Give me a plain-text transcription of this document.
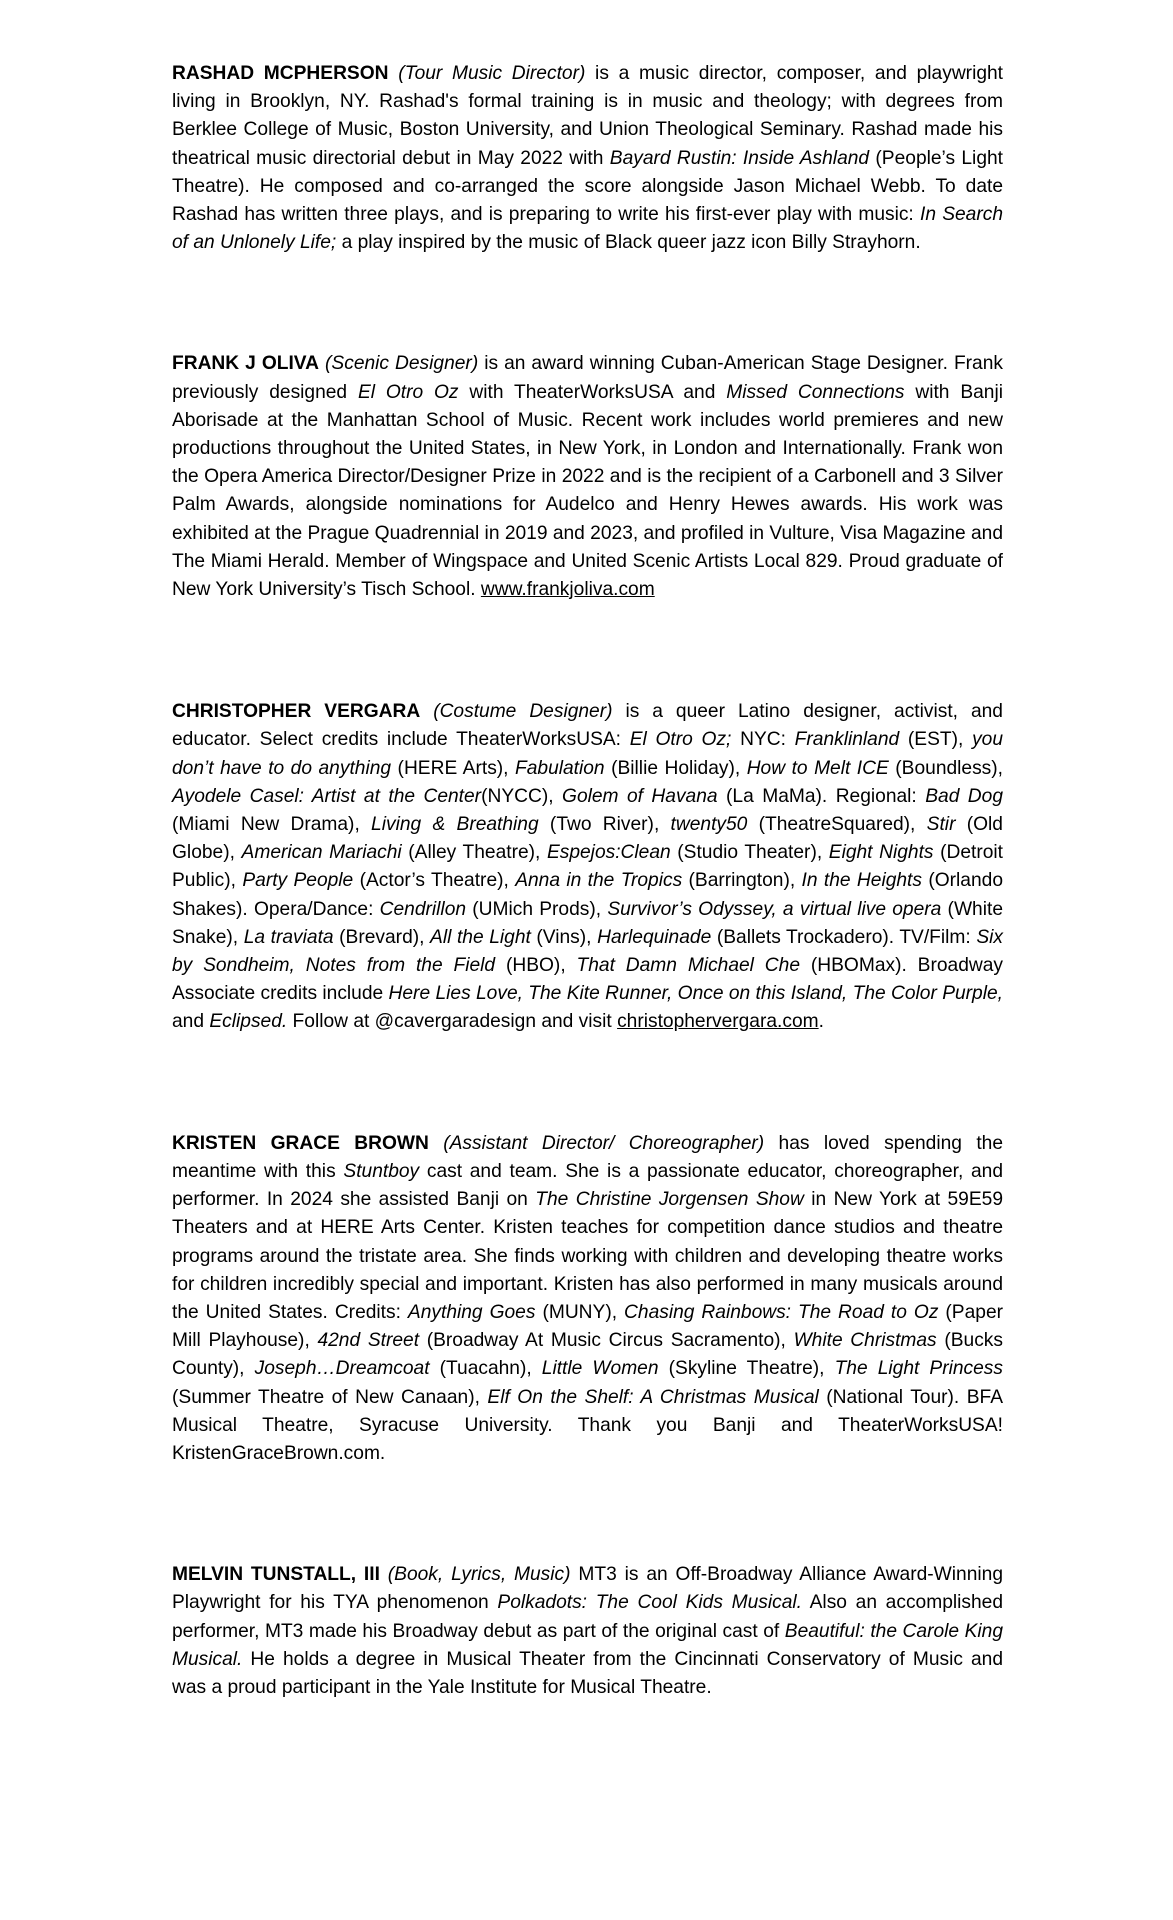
RASHAD MCPHERSON (Tour Music Director) is a music director, composer, and playwright living in Brooklyn, NY. Rashad's formal training is in music and theology; with degrees from Berklee College of Music, Boston University, and Union Theological Seminary. Rashad made his theatrical music directorial debut in May 2022 with Bayard Rustin: Inside Ashland (People’s Light Theatre). He composed and co-arranged the score alongside Jason Michael Webb. To date Rashad has written three plays, and is preparing to write his first-ever play with music: In Search of an Unlonely Life; a play inspired by the music of Black queer jazz icon Billy Strayhorn.

FRANK J OLIVA (Scenic Designer) is an award winning Cuban-American Stage Designer. Frank previously designed El Otro Oz with TheaterWorksUSA and Missed Connections with Banji Aborisade at the Manhattan School of Music. Recent work includes world premieres and new productions throughout the United States, in New York, in London and Internationally. Frank won the Opera America Director/Designer Prize in 2022 and is the recipient of a Carbonell and 3 Silver Palm Awards, alongside nominations for Audelco and Henry Hewes awards. His work was exhibited at the Prague Quadrennial in 2019 and 2023, and profiled in Vulture, Visa Magazine and The Miami Herald. Member of Wingspace and United Scenic Artists Local 829. Proud graduate of New York University’s Tisch School. www.frankjoliva.com

CHRISTOPHER VERGARA (Costume Designer) is a queer Latino designer, activist, and educator. Select credits include TheaterWorksUSA: El Otro Oz; NYC: Franklinland (EST), you don’t have to do anything (HERE Arts), Fabulation (Billie Holiday), How to Melt ICE (Boundless), Ayodele Casel: Artist at the Center(NYCC), Golem of Havana (La MaMa). Regional: Bad Dog (Miami New Drama), Living & Breathing (Two River), twenty50 (TheatreSquared), Stir (Old Globe), American Mariachi (Alley Theatre), Espejos:Clean (Studio Theater), Eight Nights (Detroit Public), Party People (Actor’s Theatre), Anna in the Tropics (Barrington), In the Heights (Orlando Shakes). Opera/Dance: Cendrillon (UMich Prods), Survivor’s Odyssey, a virtual live opera (White Snake), La traviata (Brevard), All the Light (Vins), Harlequinade (Ballets Trockadero). TV/Film: Six by Sondheim, Notes from the Field (HBO), That Damn Michael Che (HBOMax). Broadway Associate credits include Here Lies Love, The Kite Runner, Once on this Island, The Color Purple, and Eclipsed. Follow at @cavergaradesign and visit christophervergara.com.

KRISTEN GRACE BROWN (Assistant Director/ Choreographer) has loved spending the meantime with this Stuntboy cast and team. She is a passionate educator, choreographer, and performer. In 2024 she assisted Banji on The Christine Jorgensen Show in New York at 59E59 Theaters and at HERE Arts Center. Kristen teaches for competition dance studios and theatre programs around the tristate area. She finds working with children and developing theatre works for children incredibly special and important. Kristen has also performed in many musicals around the United States. Credits: Anything Goes (MUNY), Chasing Rainbows: The Road to Oz (Paper Mill Playhouse), 42nd Street (Broadway At Music Circus Sacramento), White Christmas (Bucks County), Joseph…Dreamcoat (Tuacahn), Little Women (Skyline Theatre), The Light Princess (Summer Theatre of New Canaan), Elf On the Shelf: A Christmas Musical (National Tour). BFA Musical Theatre, Syracuse University. Thank you Banji and TheaterWorksUSA! KristenGraceBrown.com.

MELVIN TUNSTALL, III (Book, Lyrics, Music) MT3 is an Off-Broadway Alliance Award-Winning Playwright for his TYA phenomenon Polkadots: The Cool Kids Musical. Also an accomplished performer, MT3 made his Broadway debut as part of the original cast of Beautiful: the Carole King Musical. He holds a degree in Musical Theater from the Cincinnati Conservatory of Music and was a proud participant in the Yale Institute for Musical Theatre.
